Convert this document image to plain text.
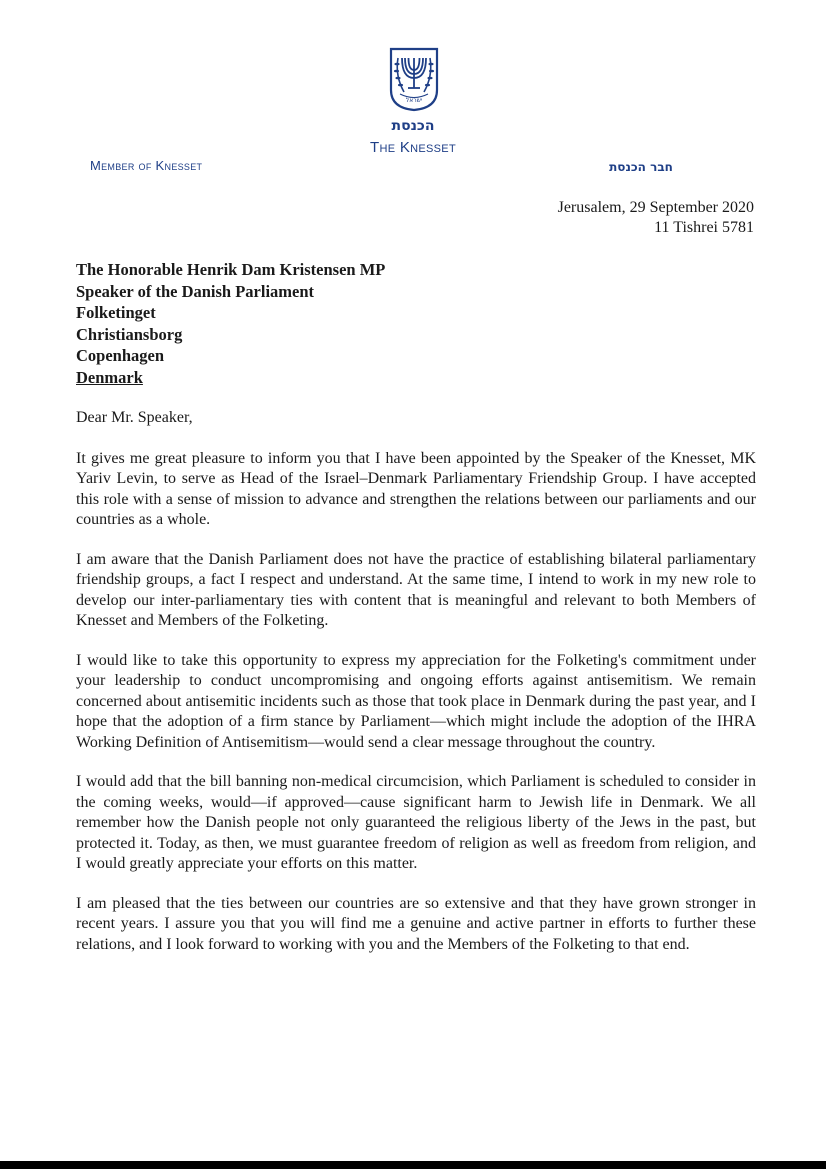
ישראל
הכנסת
The Knesset
Member of Knesset	חבר הכנסת
Jerusalem, 29 September 2020
11 Tishrei 5781
The Honorable Henrik Dam Kristensen MP
Speaker of the Danish Parliament
Folketinget
Christiansborg
Copenhagen
Denmark

Dear Mr. Speaker,

It gives me great pleasure to inform you that I have been appointed by the Speaker of the Knesset, MK Yariv Levin, to serve as Head of the Israel–Denmark Parliamentary Friendship Group. I have accepted this role with a sense of mission to advance and strengthen the relations between our parliaments and our countries as a whole.

I am aware that the Danish Parliament does not have the practice of establishing bilateral parliamentary friendship groups, a fact I respect and understand. At the same time, I intend to work in my new role to develop our inter-parliamentary ties with content that is meaningful and relevant to both Members of Knesset and Members of the Folketing.

I would like to take this opportunity to express my appreciation for the Folketing's commitment under your leadership to conduct uncompromising and ongoing efforts against antisemitism. We remain concerned about antisemitic incidents such as those that took place in Denmark during the past year, and I hope that the adoption of a firm stance by Parliament—which might include the adoption of the IHRA Working Definition of Antisemitism—would send a clear message throughout the country.

I would add that the bill banning non-medical circumcision, which Parliament is scheduled to consider in the coming weeks, would—if approved—cause significant harm to Jewish life in Denmark. We all remember how the Danish people not only guaranteed the religious liberty of the Jews in the past, but protected it. Today, as then, we must guarantee freedom of religion as well as freedom from religion, and I would greatly appreciate your efforts on this matter.

I am pleased that the ties between our countries are so extensive and that they have grown stronger in recent years. I assure you that you will find me a genuine and active partner in efforts to further these relations, and I look forward to working with you and the Members of the Folketing to that end.
